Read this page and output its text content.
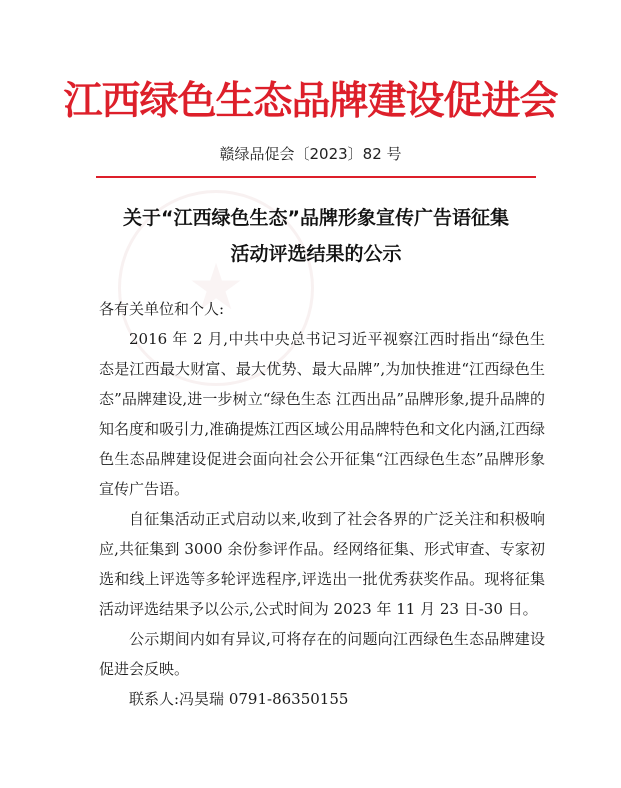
★
江西绿色生态品牌建设促进会
赣绿品促会〔2023〕82 号
关于“江西绿色生态”品牌形象宣传广告语征集
活动评选结果的公示

各有关单位和个人:

2016 年 2 月,中共中央总书记习近平视察江西时指出“绿色生态是江西最大财富、最大优势、最大品牌”,为加快推进“江西绿色生态”品牌建设,进一步树立“绿色生态 江西出品”品牌形象,提升品牌的知名度和吸引力,准确提炼江西区域公用品牌特色和文化内涵,江西绿色生态品牌建设促进会面向社会公开征集“江西绿色生态”品牌形象宣传广告语。

自征集活动正式启动以来,收到了社会各界的广泛关注和积极响应,共征集到 3000 余份参评作品。经网络征集、形式审查、专家初选和线上评选等多轮评选程序,评选出一批优秀获奖作品。现将征集活动评选结果予以公示,公式时间为 2023 年 11 月 23 日-30 日。

公示期间内如有异议,可将存在的问题向江西绿色生态品牌建设促进会反映。

联系人:冯昊瑞 0791-86350155
